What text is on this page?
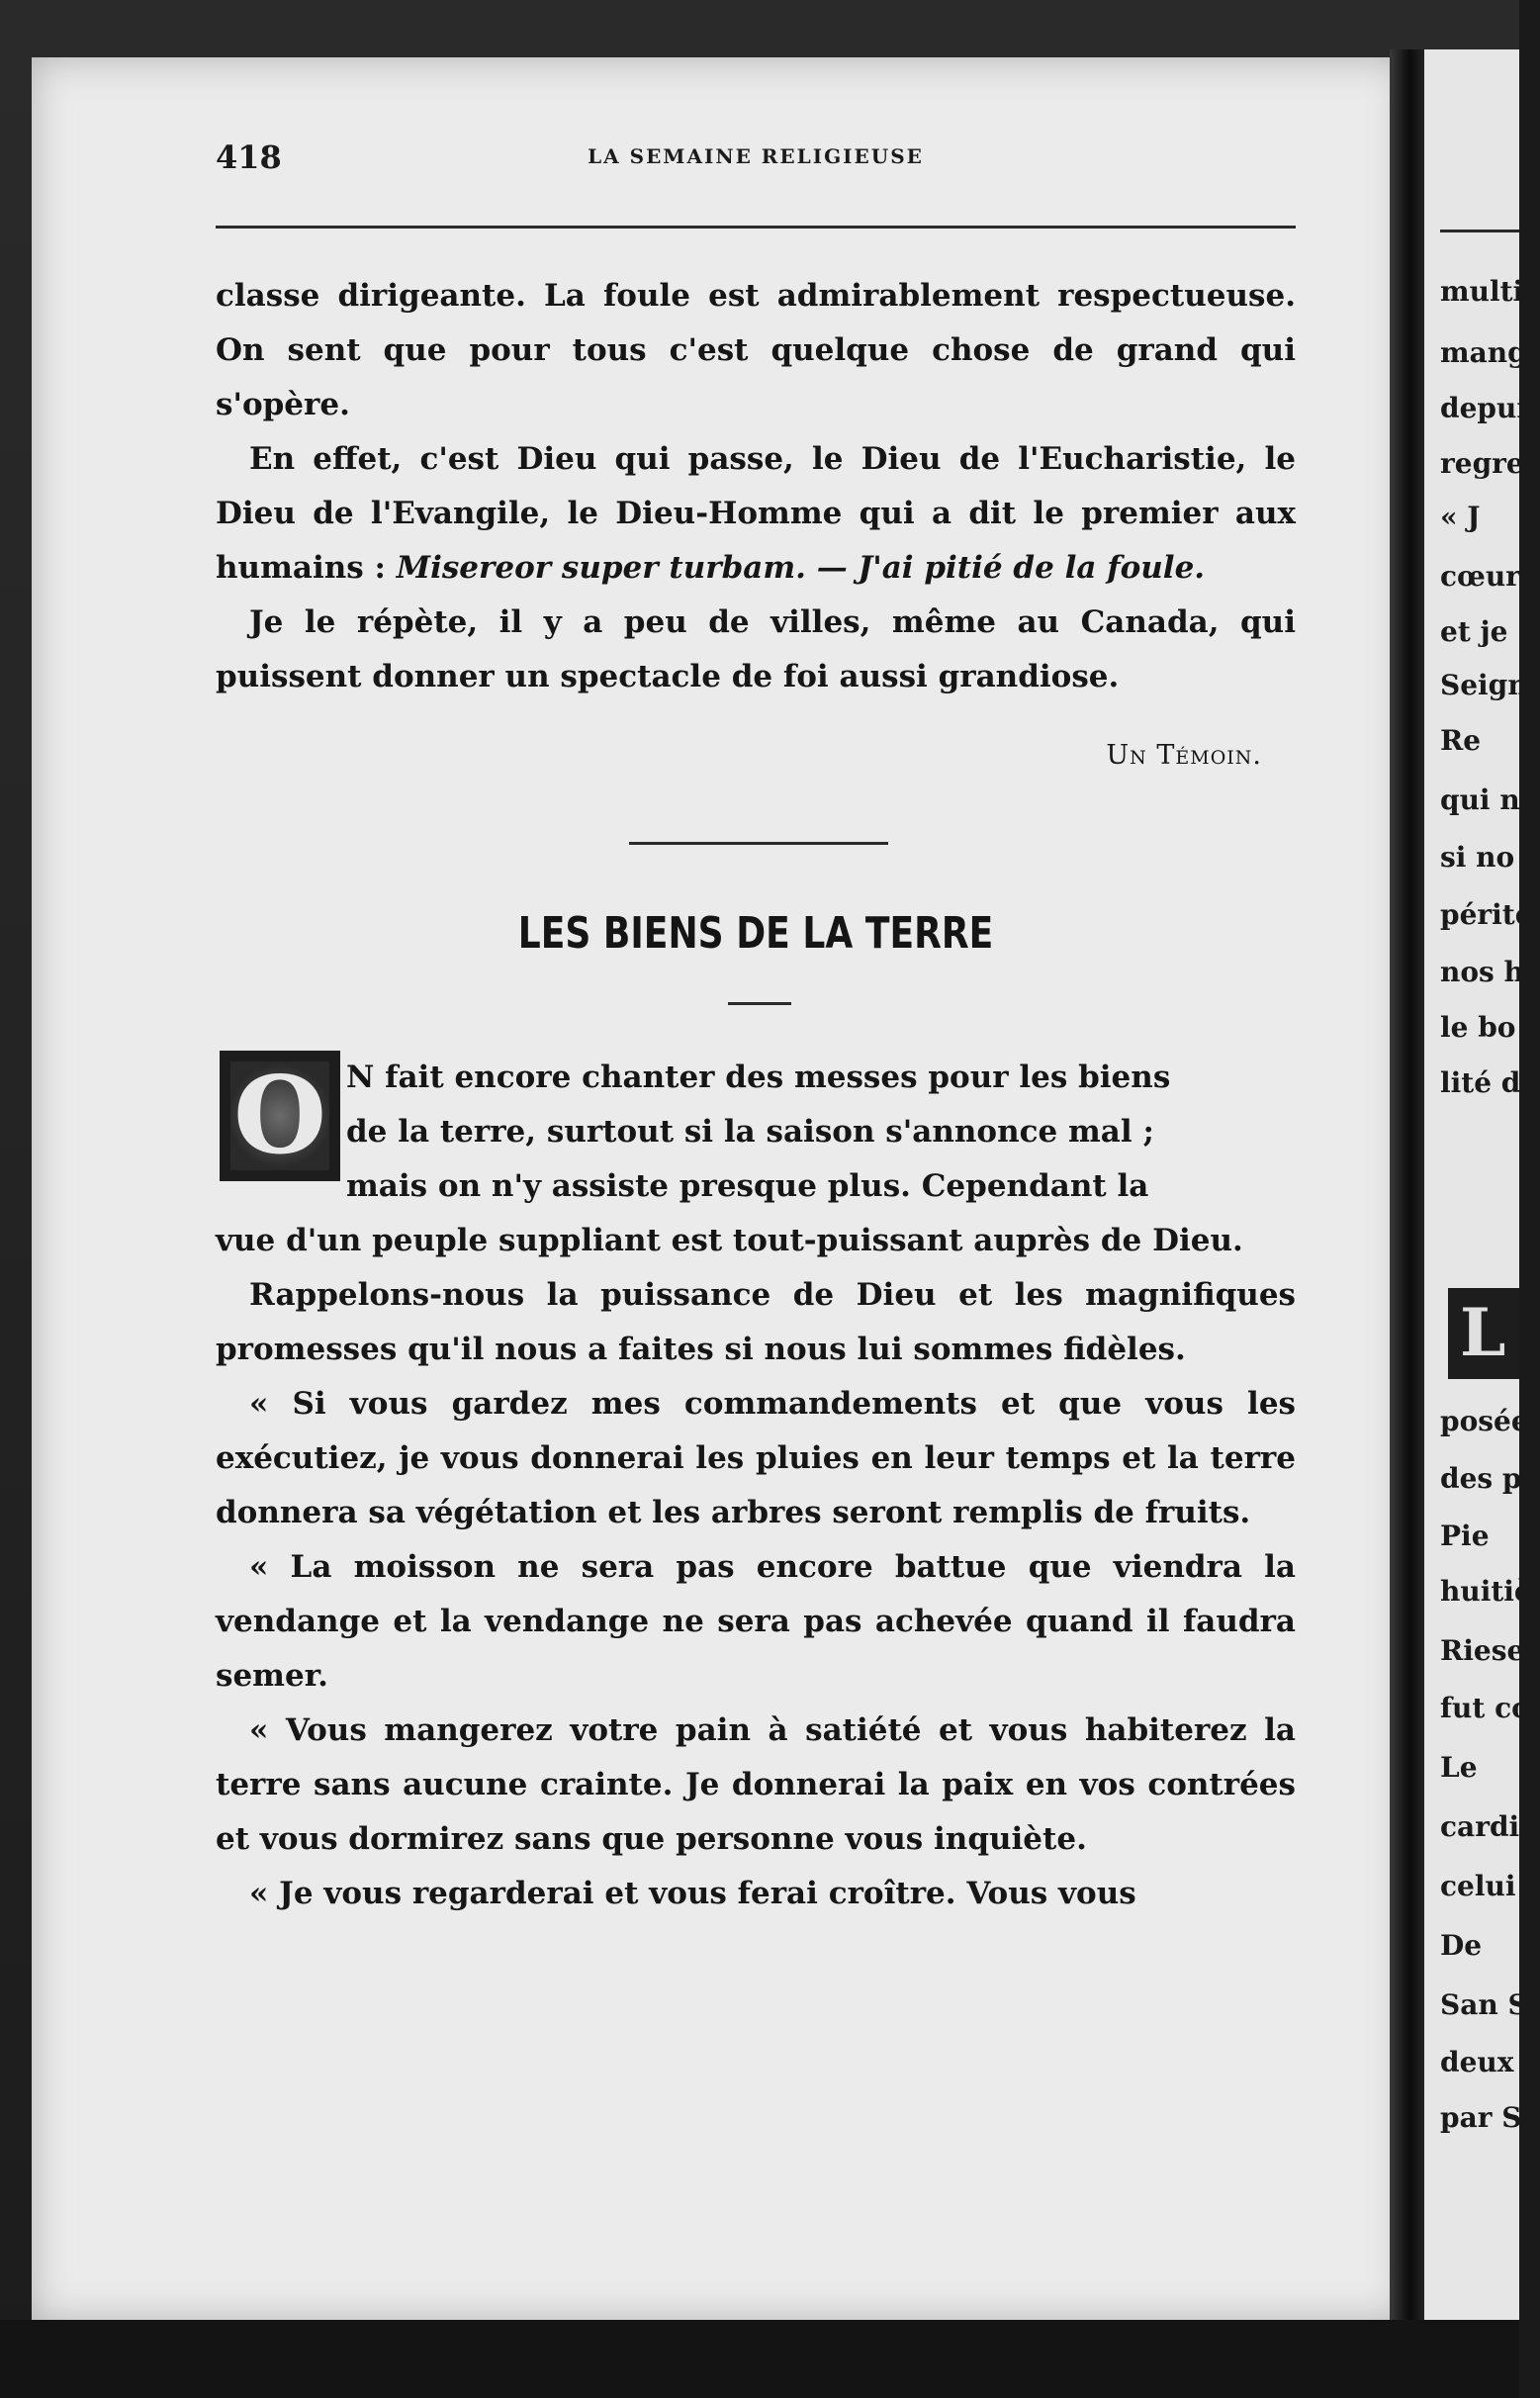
418	LA SEMAINE RELIGIEUSE

classe dirigeante. La foule est admirablement respectueuse. On sent que pour tous c'est quelque chose de grand qui s'opère.

En effet, c'est Dieu qui passe, le Dieu de l'Eucharistie, le Dieu de l'Evangile, le Dieu-Homme qui a dit le premier aux humains : Misereor super turbam. — J'ai pitié de la foule.

Je le répète, il y a peu de villes, même au Canada, qui puissent donner un spectacle de foi aussi grandiose.

Un Témoin.
LES BIENS DE LA TERRE
O N fait encore chanter des messes pour les biens

de la terre, surtout si la saison s'annonce mal ;

mais on n'y assiste presque plus. Cependant la

vue d'un peuple suppliant est tout-puissant auprès de Dieu.

Rappelons-nous la puissance de Dieu et les magnifiques promesses qu'il nous a faites si nous lui sommes fidèles.

« Si vous gardez mes commandements et que vous les exécutiez, je vous donnerai les pluies en leur temps et la terre donnera sa végétation et les arbres seront remplis de fruits.

« La moisson ne sera pas encore battue que viendra la vendange et la vendange ne sera pas achevée quand il faudra semer.

« Vous mangerez votre pain à satiété et vous habiterez la terre sans aucune crainte. Je donnerai la paix en vos contrées et vous dormirez sans que personne vous inquiète.

« Je vous regarderai et vous ferai croître. Vous vous

multi
mang
depui
regre
« J
cœur
et je
Seign
Re
qui ne
si no
périté
nos h
le bo
lité d
posée
des pa
Pie
huitiè
Riese
fut co
Le
cardir
celui
De
San S
deux
par Sa
L
